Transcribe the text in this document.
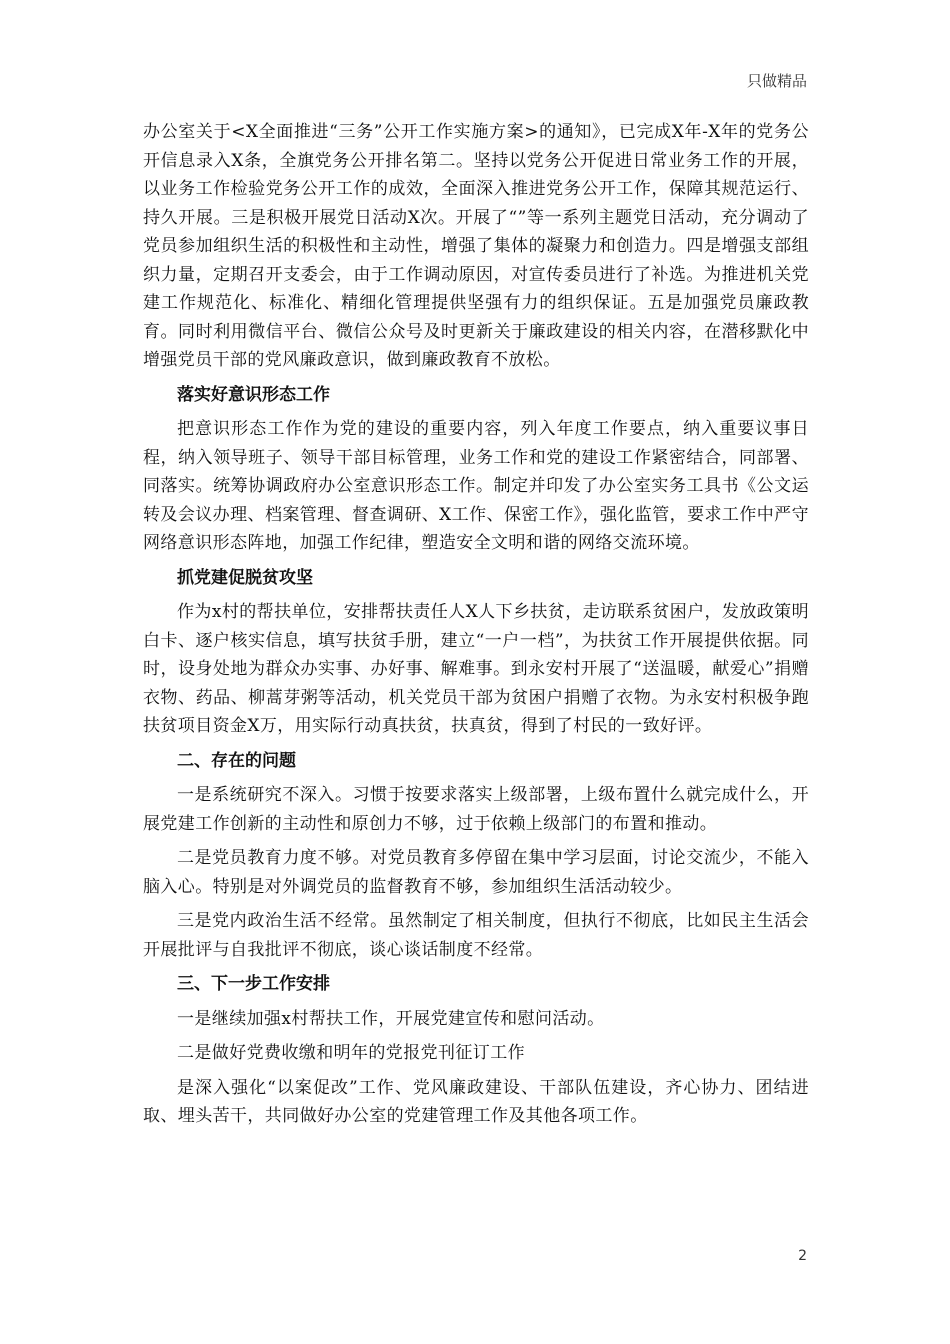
只做精品

办公室关于<X全面推进“三务”公开工作实施方案>的通知》，已完成X年-X年的党务公开信息录入X条，全旗党务公开排名第二。坚持以党务公开促进日常业务工作的开展，以业务工作检验党务公开工作的成效，全面深入推进党务公开工作，保障其规范运行、持久开展。三是积极开展党日活动X次。开展了“”等一系列主题党日活动，充分调动了党员参加组织生活的积极性和主动性，增强了集体的凝聚力和创造力。四是增强支部组织力量，定期召开支委会，由于工作调动原因，对宣传委员进行了补选。为推进机关党建工作规范化、标准化、精细化管理提供坚强有力的组织保证。五是加强党员廉政教育。同时利用微信平台、微信公众号及时更新关于廉政建设的相关内容，在潜移默化中增强党员干部的党风廉政意识，做到廉政教育不放松。

落实好意识形态工作

把意识形态工作作为党的建设的重要内容，列入年度工作要点，纳入重要议事日程，纳入领导班子、领导干部目标管理，业务工作和党的建设工作紧密结合，同部署、同落实。统筹协调政府办公室意识形态工作。制定并印发了办公室实务工具书《公文运转及会议办理、档案管理、督查调研、X工作、保密工作》，强化监管，要求工作中严守网络意识形态阵地，加强工作纪律，塑造安全文明和谐的网络交流环境。

抓党建促脱贫攻坚

作为x村的帮扶单位，安排帮扶责任人X人下乡扶贫，走访联系贫困户，发放政策明白卡、逐户核实信息，填写扶贫手册，建立“一户一档”，为扶贫工作开展提供依据。同时，设身处地为群众办实事、办好事、解难事。到永安村开展了“送温暖，献爱心”捐赠衣物、药品、柳蒿芽粥等活动，机关党员干部为贫困户捐赠了衣物。为永安村积极争跑扶贫项目资金X万，用实际行动真扶贫，扶真贫，得到了村民的一致好评。

二、存在的问题

一是系统研究不深入。习惯于按要求落实上级部署，上级布置什么就完成什么，开展党建工作创新的主动性和原创力不够，过于依赖上级部门的布置和推动。

二是党员教育力度不够。对党员教育多停留在集中学习层面，讨论交流少，不能入脑入心。特别是对外调党员的监督教育不够，参加组织生活活动较少。

三是党内政治生活不经常。虽然制定了相关制度，但执行不彻底，比如民主生活会开展批评与自我批评不彻底，谈心谈话制度不经常。

三、下一步工作安排

一是继续加强x村帮扶工作，开展党建宣传和慰问活动。

二是做好党费收缴和明年的党报党刊征订工作

是深入强化“以案促改”工作、党风廉政建设、干部队伍建设，齐心协力、团结进取、埋头苦干，共同做好办公室的党建管理工作及其他各项工作。

2
